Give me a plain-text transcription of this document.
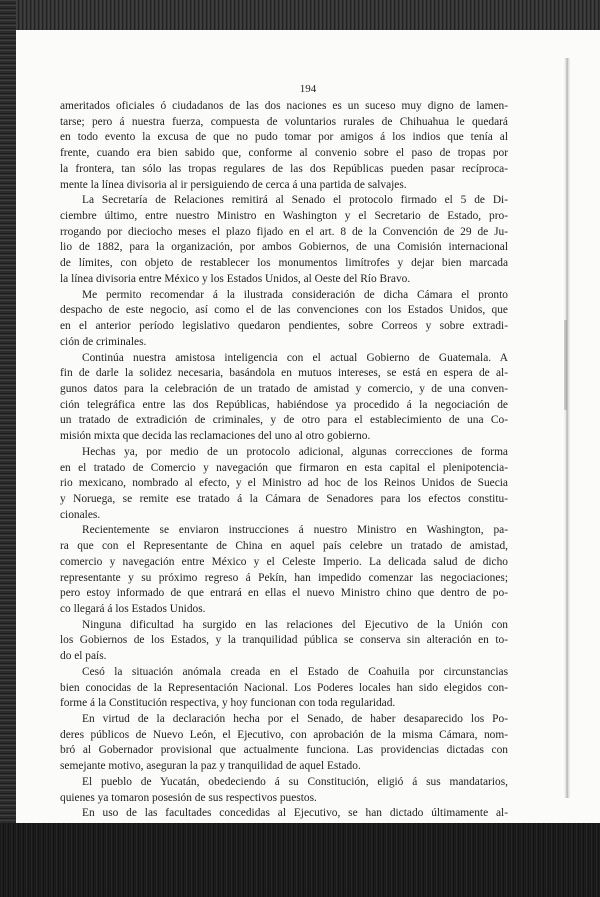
194
ameritados oficiales ó ciudadanos de las dos naciones es un suceso muy digno de lamen-
tarse; pero á nuestra fuerza, compuesta de voluntarios rurales de Chihuahua le quedará
en todo evento la excusa de que no pudo tomar por amigos á los indios que tenía al
frente, cuando era bien sabido que, conforme al convenio sobre el paso de tropas por
la frontera, tan sólo las tropas regulares de las dos Repúblicas pueden pasar recíproca-
mente la línea divisoria al ir persiguiendo de cerca á una partida de salvajes.
La Secretaría de Relaciones remitirá al Senado el protocolo firmado el 5 de Di-
ciembre último, entre nuestro Ministro en Washington y el Secretario de Estado, pro-
rrogando por dieciocho meses el plazo fijado en el art. 8 de la Convención de 29 de Ju-
lio de 1882, para la organización, por ambos Gobiernos, de una Comisión internacional
de límites, con objeto de restablecer los monumentos limítrofes y dejar bien marcada
la línea divisoria entre México y los Estados Unidos, al Oeste del Río Bravo.
Me permito recomendar á la ilustrada consideración de dicha Cámara el pronto
despacho de este negocio, así como el de las convenciones con los Estados Unidos, que
en el anterior período legislativo quedaron pendientes, sobre Correos y sobre extradi-
ción de criminales.
Continúa nuestra amistosa inteligencia con el actual Gobierno de Guatemala. A
fin de darle la solidez necesaria, basándola en mutuos intereses, se está en espera de al-
gunos datos para la celebración de un tratado de amistad y comercio, y de una conven-
ción telegráfica entre las dos Repúblicas, habiéndose ya procedido á la negociación de
un tratado de extradición de criminales, y de otro para el establecimiento de una Co-
misión mixta que decida las reclamaciones del uno al otro gobierno.
Hechas ya, por medio de un protocolo adicional, algunas correcciones de forma
en el tratado de Comercio y navegación que firmaron en esta capital el plenipotencia-
rio mexicano, nombrado al efecto, y el Ministro ad hoc de los Reinos Unidos de Suecia
y Noruega, se remite ese tratado á la Cámara de Senadores para los efectos constitu-
cionales.
Recientemente se enviaron instrucciones á nuestro Ministro en Washington, pa-
ra que con el Representante de China en aquel país celebre un tratado de amistad,
comercio y navegación entre México y el Celeste Imperio. La delicada salud de dicho
representante y su próximo regreso á Pekín, han impedido comenzar las negociaciones;
pero estoy informado de que entrará en ellas el nuevo Ministro chino que dentro de po-
co llegará á los Estados Unidos.
Ninguna dificultad ha surgido en las relaciones del Ejecutivo de la Unión con
los Gobiernos de los Estados, y la tranquilidad pública se conserva sin alteración en to-
do el país.
Cesó la situación anómala creada en el Estado de Coahuila por circunstancias
bien conocidas de la Representación Nacional. Los Poderes locales han sido elegidos con-
forme á la Constitución respectiva, y hoy funcionan con toda regularidad.
En virtud de la declaración hecha por el Senado, de haber desaparecido los Po-
deres públicos de Nuevo León, el Ejecutivo, con aprobación de la misma Cámara, nom-
bró al Gobernador provisional que actualmente funciona. Las providencias dictadas con
semejante motivo, aseguran la paz y tranquilidad de aquel Estado.
El pueblo de Yucatán, obedeciendo á su Constitución, eligió á sus mandatarios,
quienes ya tomaron posesión de sus respectivos puestos.
En uso de las facultades concedidas al Ejecutivo, se han dictado últimamente al-
